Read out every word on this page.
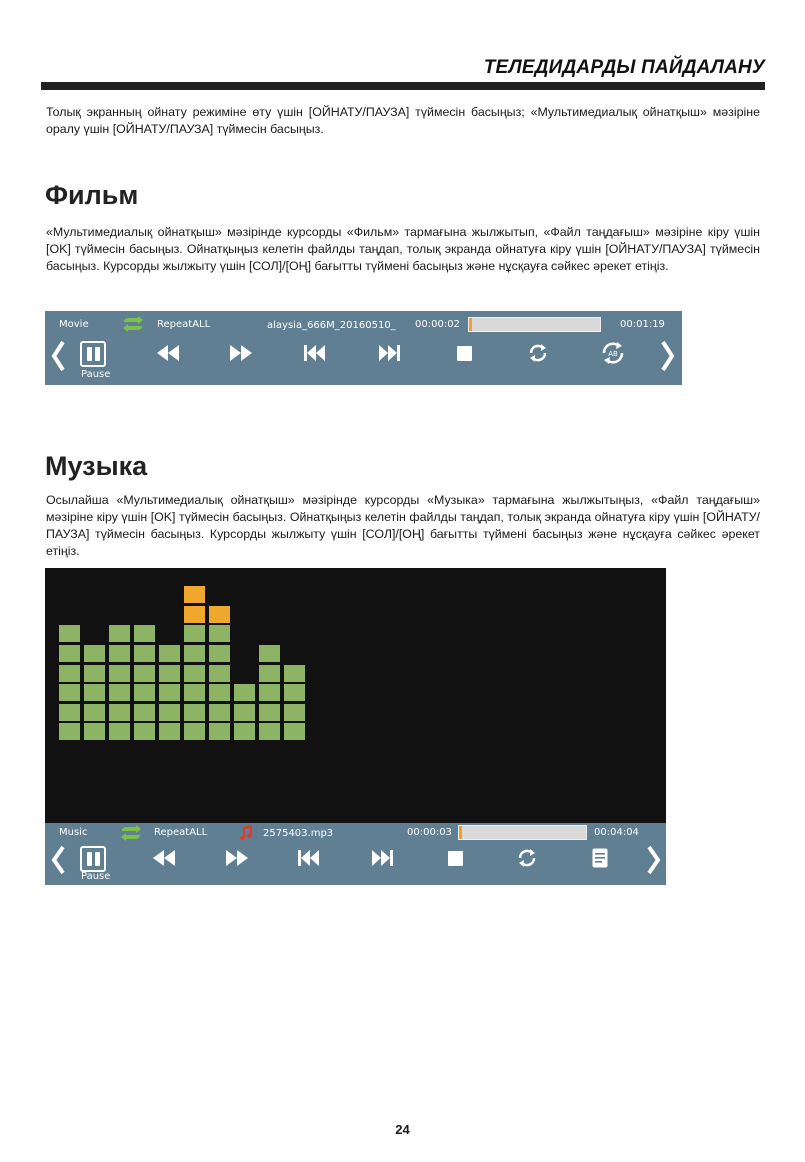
ТЕЛЕДИДАРДЫ ПАЙДАЛАНУ
Толық экранның ойнату режиміне өту үшін [ОЙНАТУ/ПАУЗА] түймесін басыңыз; «Мультимедиалық ойнатқыш» мәзіріне оралу үшін [ОЙНАТУ/ПАУЗА] түймесін басыңыз.
Фильм
«Мультимедиалық ойнатқыш» мәзірінде курсорды «Фильм» тармағына жылжытып, «Файл таңдағыш» мәзіріне кіру үшін [OK] түймесін басыңыз. Ойнатқыңыз келетін файлды таңдап, толық экранда ойнатуға кіру үшін [ОЙНАТУ/ПАУЗА] түймесін басыңыз. Курсорды жылжыту үшін [СОЛ]/[ОҢ] бағытты түймені басыңыз және нұсқауға сәйкес әрекет етіңіз.
Movie	RepeatALL	alaysia_666M_20160510_ 00:00:02	00:01:19
Pause
AB
Музыка
Осылайша «Мультимедиалық ойнатқыш» мәзірінде курсорды «Музыка» тармағына жылжытыңыз, «Файл таңдағыш» мәзіріне кіру үшін [OK] түймесін басыңыз. Ойнатқыңыз келетін файлды таңдап, толық экранда ойнатуға кіру үшін [ОЙНАТУ/ПАУЗА] түймесін басыңыз. Курсорды жылжыту үшін [СОЛ]/[ОҢ] бағытты түймені басыңыз және нұсқауға сәйкес әрекет етіңіз.
Music	RepeatALL	2575403.mp3	00:00:03	00:04:04
Pause
24
